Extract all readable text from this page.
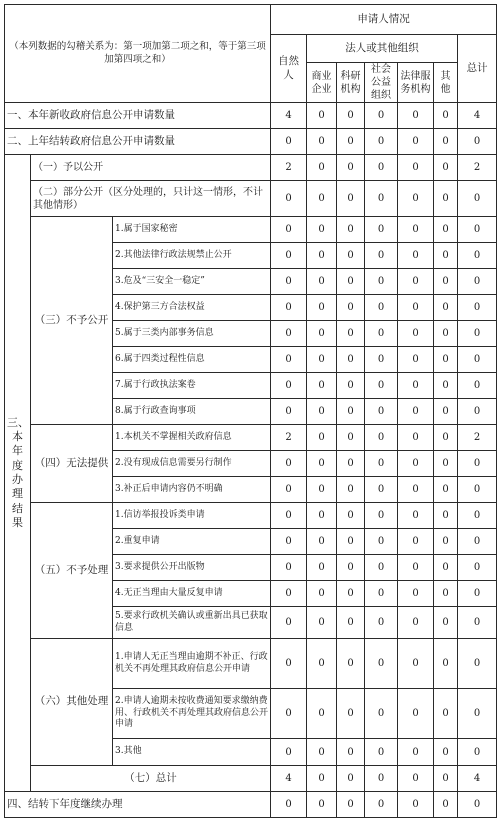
（本列数据的勾稽关系为：第一项加第二项之和，等于第三项加第四项之和）			申请人情况						
			自然人	法人或其他组织					总计
				商业企业	科研机构	社会公益组织	法律服务机构	其他	
一、本年新收政府信息公开申请数量			4	0	0	0	0	0	4
二、上年结转政府信息公开申请数量			0	0	0	0	0	0	0

三、本年度办理结果	（一）予以公开		2	0	0	0	0	0	2
	（二）部分公开（区分处理的，只计这一情形，不计其他情形）		0	0	0	0	0	0	0
	（三）不予公开	1.属于国家秘密	0	0	0	0	0	0	0
		2.其他法律行政法规禁止公开	0	0	0	0	0	0	0
		3.危及“三安全一稳定”	0	0	0	0	0	0	0
		4.保护第三方合法权益	0	0	0	0	0	0	0
		5.属于三类内部事务信息	0	0	0	0	0	0	0
		6.属于四类过程性信息	0	0	0	0	0	0	0
		7.属于行政执法案卷	0	0	0	0	0	0	0
		8.属于行政查询事项	0	0	0	0	0	0	0
	（四）无法提供	1.本机关不掌握相关政府信息	2	0	0	0	0	0	2
		2.没有现成信息需要另行制作	0	0	0	0	0	0	0
		3.补正后申请内容仍不明确	0	0	0	0	0	0	0
	（五）不予处理	1.信访举报投诉类申请	0	0	0	0	0	0	0
		2.重复申请	0	0	0	0	0	0	0
		3.要求提供公开出版物	0	0	0	0	0	0	0
		4.无正当理由大量反复申请	0	0	0	0	0	0	0
		5.要求行政机关确认或重新出具已获取信息	0	0	0	0	0	0	0
	（六）其他处理	1.申请人无正当理由逾期不补正、行政机关不再处理其政府信息公开申请	0	0	0	0	0	0	0
		2.申请人逾期未按收费通知要求缴纳费用、行政机关不再处理其政府信息公开申请	0	0	0	0	0	0	0
		3.其他	0	0	0	0	0	0	0
	（七）总计		4	0	0	0	0	0	4
四、结转下年度继续办理			0	0	0	0	0	0	0
